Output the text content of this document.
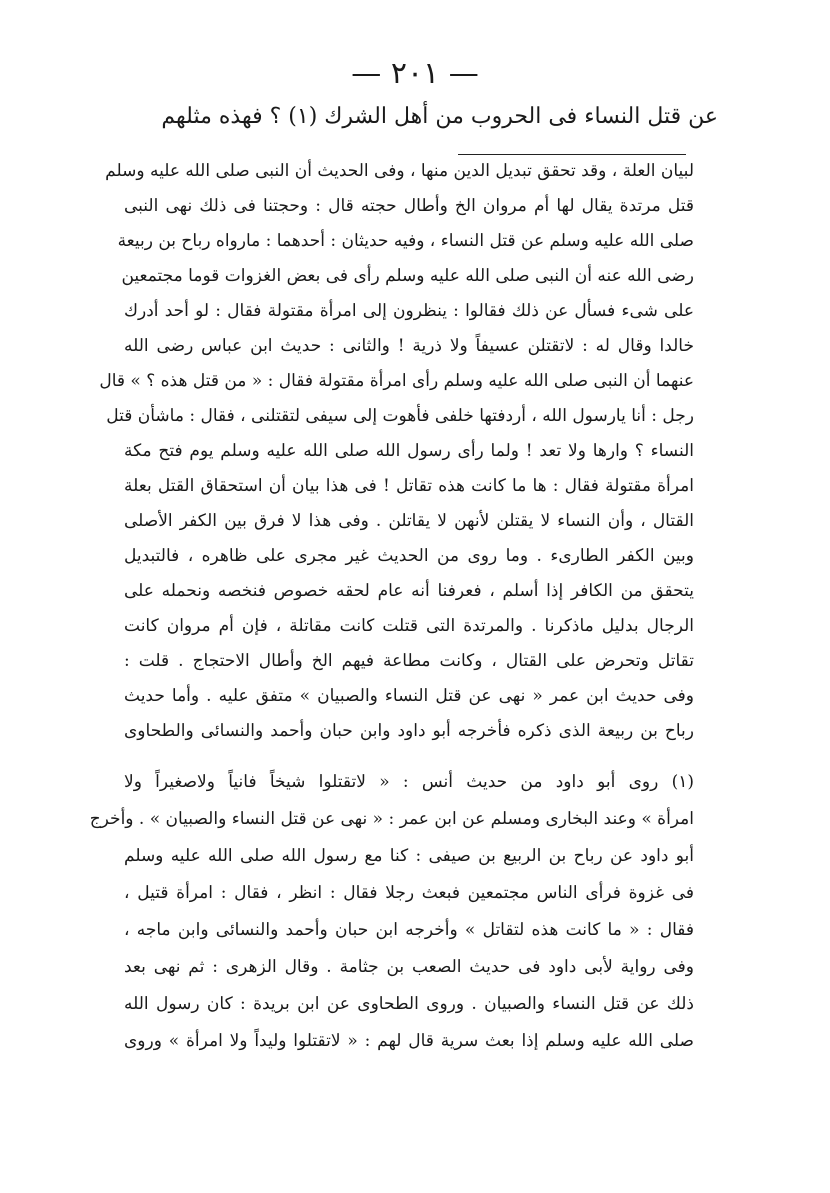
— ٢٠١ —
عن قتل النساء فى الحروب من أهل الشرك (١) ؟ فهذه مثلهم
لبيان العلة ، وقد تحقق تبديل الدين منها ، وفى الحديث أن النبى صلى الله عليه وسلم
قتل مرتدة يقال لها أم مروان الخ وأطال حجته قال : وحجتنا فى ذلك نهى النبى
صلى الله عليه وسلم عن قتل النساء ، وفيه حديثان : أحدهما : مارواه رباح بن ربيعة
رضى الله عنه أن النبى صلى الله عليه وسلم رأى فى بعض الغزوات قوما مجتمعين
على شىء فسأل عن ذلك فقالوا : ينظرون إلى امرأة مقتولة فقال : لو أحد أدرك
خالدا وقال له : لاتقتلن عسيفاً ولا ذرية ! والثانى : حديث ابن عباس رضى الله
عنهما أن النبى صلى الله عليه وسلم رأى امرأة مقتولة فقال : « من قتل هذه ؟ » قال
رجل : أنا يارسول الله ، أردفتها خلفى فأهوت إلى سيفى لتقتلنى ، فقال : ماشأن قتل
النساء ؟ وارها ولا تعد ! ولما رأى رسول الله صلى الله عليه وسلم يوم فتح مكة
امرأة مقتولة فقال : ها ما كانت هذه تقاتل ! فى هذا بيان أن استحقاق القتل بعلة
القتال ، وأن النساء لا يقتلن لأنهن لا يقاتلن . وفى هذا لا فرق بين الكفر الأصلى
وبين الكفر الطارىء . وما روى من الحديث غير مجرى على ظاهره ، فالتبديل
يتحقق من الكافر إذا أسلم ، فعرفنا أنه عام لحقه خصوص فنخصه ونحمله على
الرجال بدليل ماذكرنا . والمرتدة التى قتلت كانت مقاتلة ، فإن أم مروان كانت
تقاتل وتحرض على القتال ، وكانت مطاعة فيهم الخ وأطال الاحتجاج . قلت :
وفى حديث ابن عمر « نهى عن قتل النساء والصبيان » متفق عليه . وأما حديث
رباح بن ربيعة الذى ذكره فأخرجه أبو داود وابن حبان وأحمد والنسائى والطحاوى
(١) روى أبو داود من حديث أنس : « لاتقتلوا شيخاً فانياً ولاصغيراً ولا
امرأة » وعند البخارى ومسلم عن ابن عمر : « نهى عن قتل النساء والصبيان » . وأخرج
أبو داود عن رباح بن الربيع بن صيفى : كنا مع رسول الله صلى الله عليه وسلم
فى غزوة فرأى الناس مجتمعين فبعث رجلا فقال : انظر ، فقال : امرأة قتيل ،
فقال : « ما كانت هذه لتقاتل » وأخرجه ابن حبان وأحمد والنسائى وابن ماجه ،
وفى رواية لأبى داود فى حديث الصعب بن جثامة . وقال الزهرى : ثم نهى بعد
ذلك عن قتل النساء والصبيان . وروى الطحاوى عن ابن بريدة : كان رسول الله
صلى الله عليه وسلم إذا بعث سرية قال لهم : « لاتقتلوا وليداً ولا امرأة » وروى
